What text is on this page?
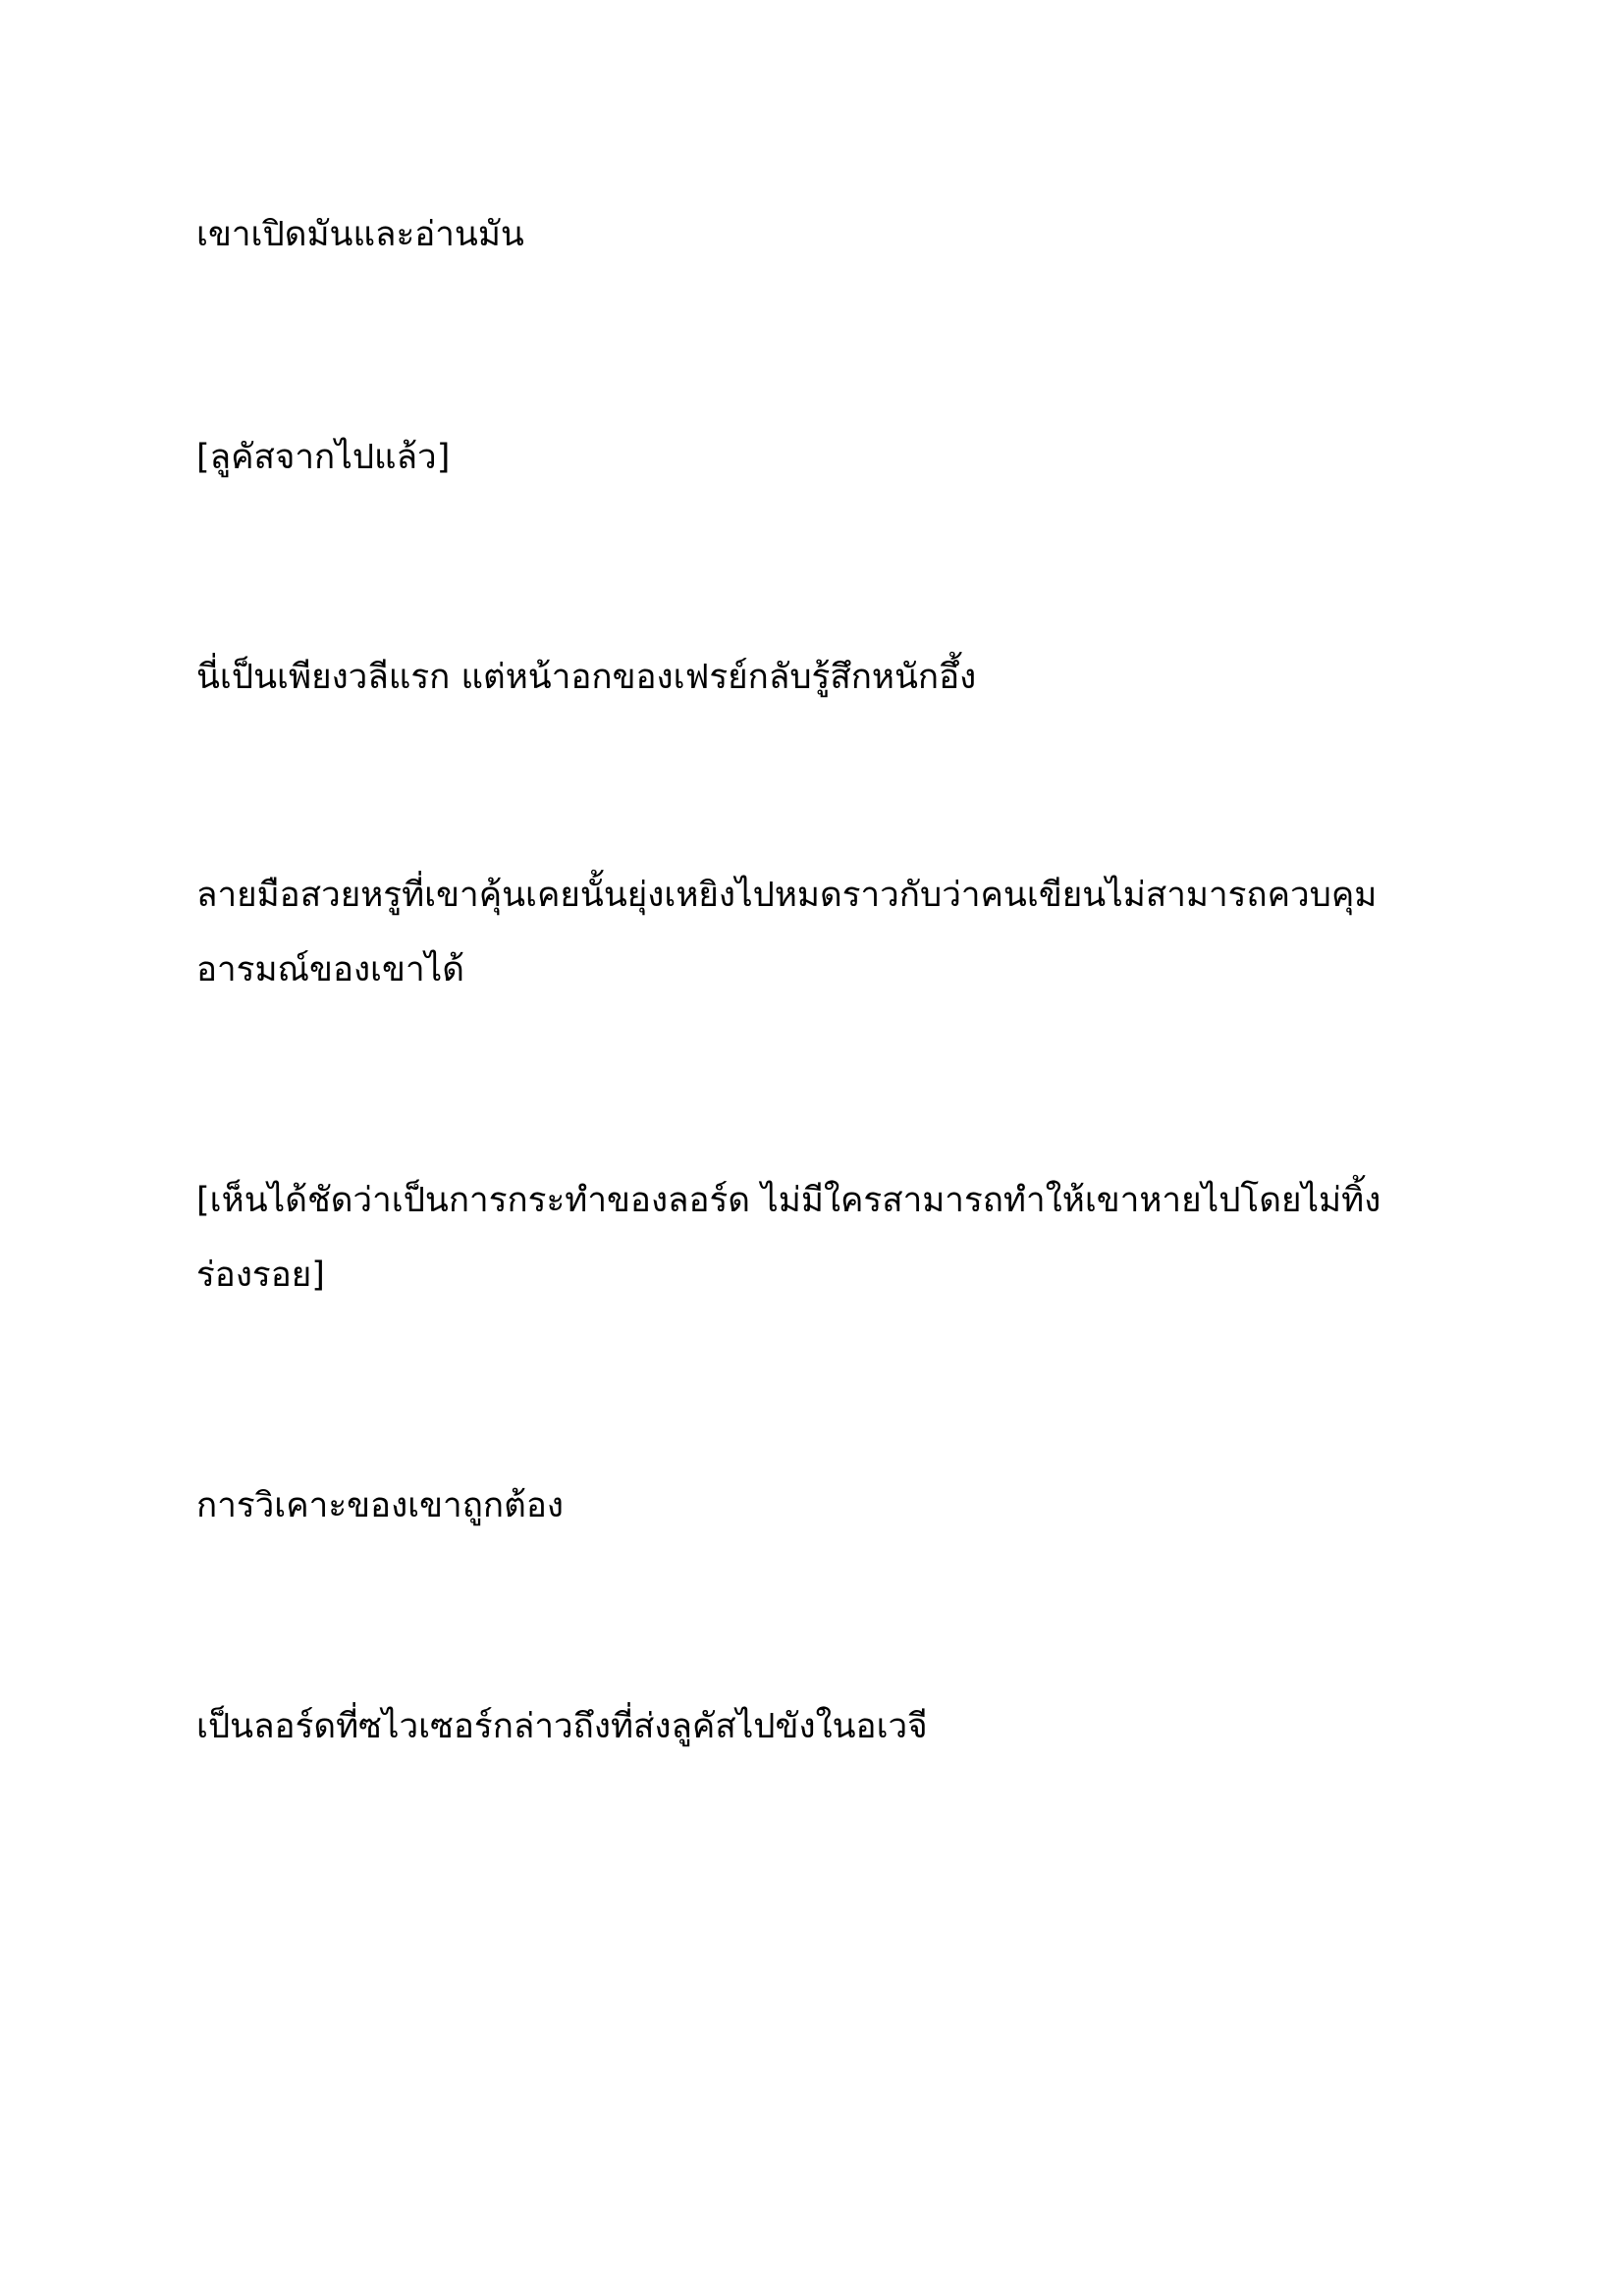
เขาเปิดมันและอ่านมัน

[ลูคัสจากไปแล้ว]

นี่เป็นเพียงวลีแรก แต่หน้าอกของเฟรย์กลับรู้สึกหนักอึ้ง

ลายมือสวยหรูที่เขาคุ้นเคยนั้นยุ่งเหยิงไปหมดราวกับว่าคนเขียนไม่สามารถควบคุม
อารมณ์ของเขาได้
[เห็นได้ชัดว่าเป็นการกระทำของลอร์ด ไม่มีใครสามารถทำให้เขาหายไปโดยไม่ทิ้ง
ร่องรอย]

การวิเคาะของเขาถูกต้อง

เป็นลอร์ดที่ซไวเซอร์กล่าวถึงที่ส่งลูคัสไปขังในอเวจี
